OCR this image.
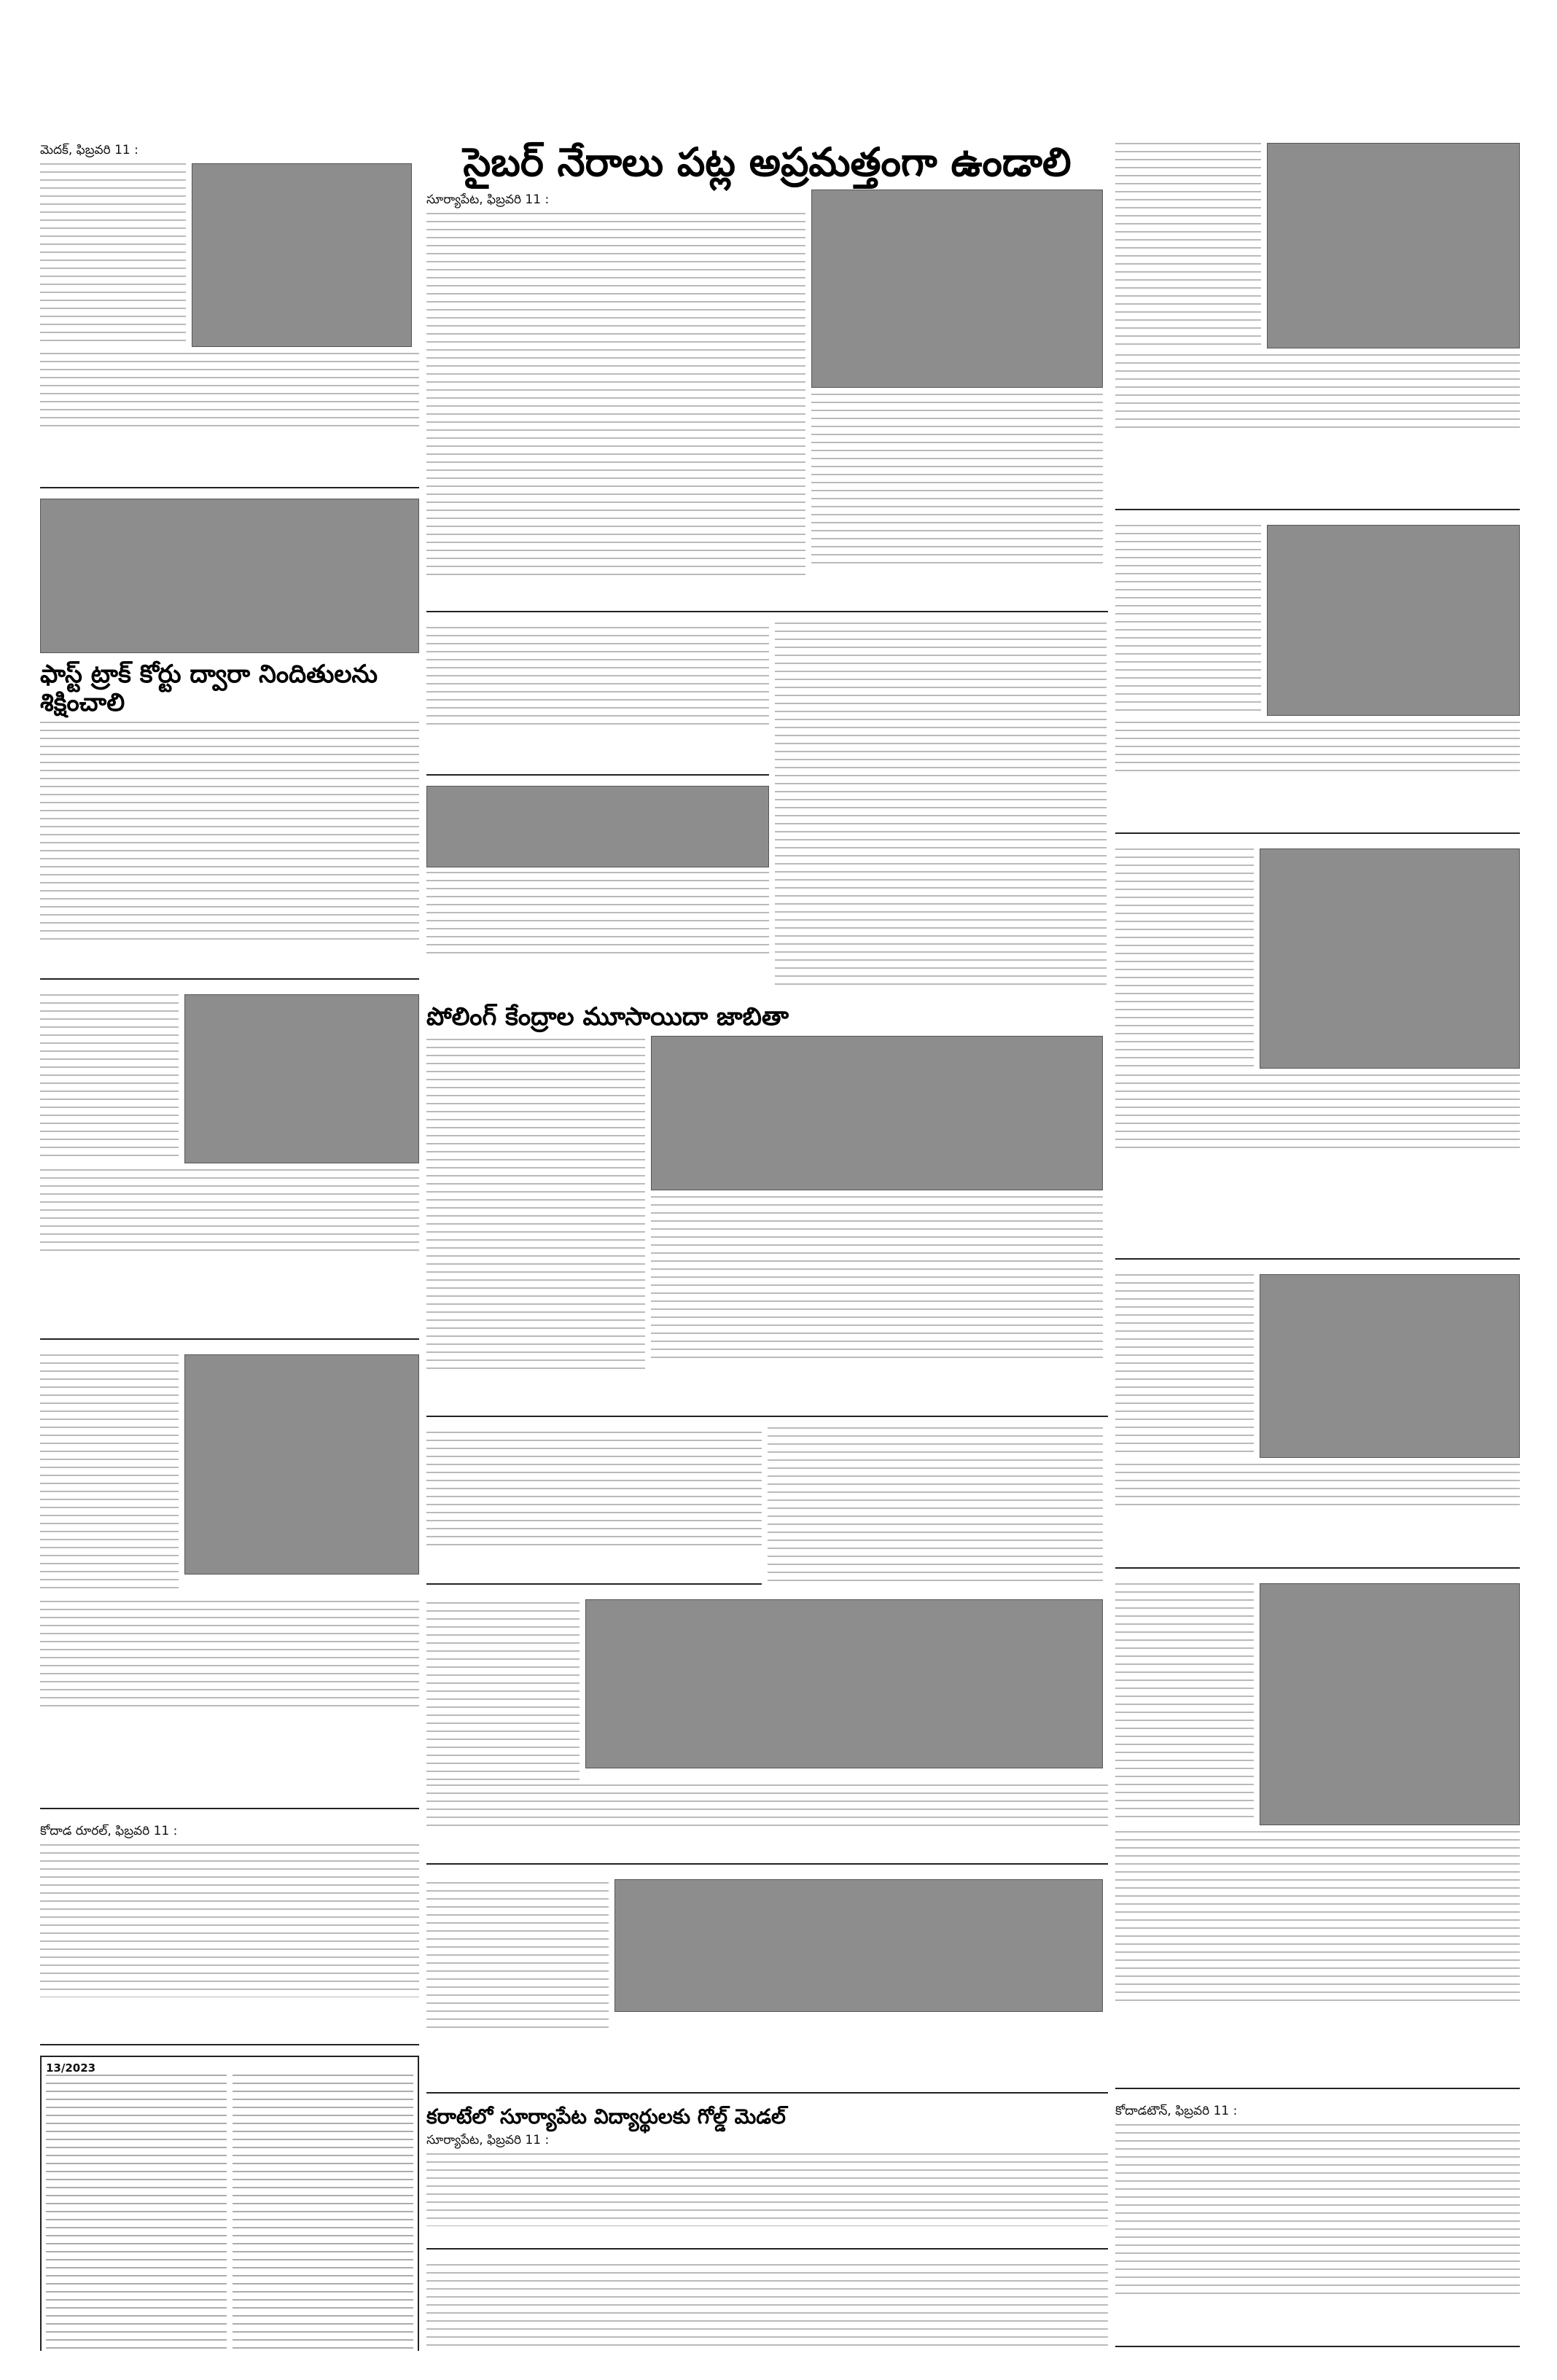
మెదక్, ఫిబ్రవరి 11 :
ఫాస్ట్ ట్రాక్ కోర్టు ద్వారా నిందితులను శిక్షించాలి
కోదాడ రూరల్, ఫిబ్రవరి 11 :
13/2023
సైబర్ నేరాలు పట్ల అప్రమత్తంగా ఉండాలి
సూర్యాపేట, ఫిబ్రవరి 11 :
పోలింగ్ కేంద్రాల మూసాయిదా జాబితా
కరాటేలో సూర్యాపేట విద్యార్థులకు గోల్డ్ మెడల్
సూర్యాపేట, ఫిబ్రవరి 11 :
కోదాడటౌన్, ఫిబ్రవరి 11 :
